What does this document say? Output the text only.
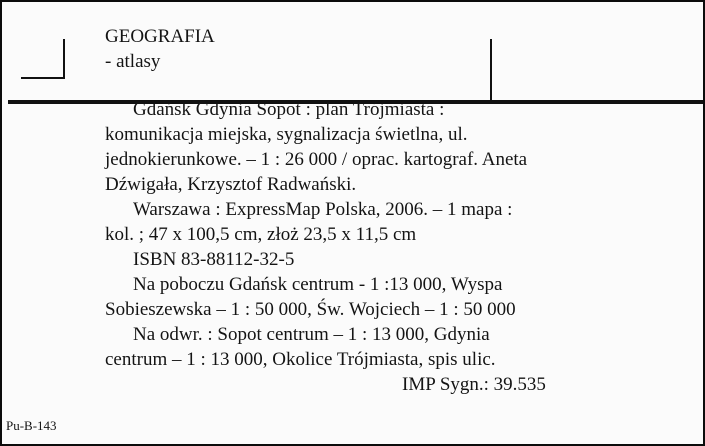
GEOGRAFIA
- atlasy
Gdańsk Gdynia Sopot : plan Trójmiasta :
komunikacja miejska, sygnalizacja świetlna, ul.
jednokierunkowe. – 1 : 26 000 / oprac. kartograf. Aneta
Dźwigała, Krzysztof Radwański.
Warszawa : ExpressMap Polska, 2006. – 1 mapa :
kol. ; 47 x 100,5 cm, złoż 23,5 x 11,5 cm
ISBN 83-88112-32-5
Na poboczu Gdańsk centrum - 1 :13 000, Wyspa
Sobieszewska – 1 : 50 000, Św. Wojciech – 1 : 50 000
Na odwr. : Sopot centrum – 1 : 13 000, Gdynia
centrum – 1 : 13 000, Okolice Trójmiasta, spis ulic.
IMP Sygn.: 39.535
Pu-B-143
